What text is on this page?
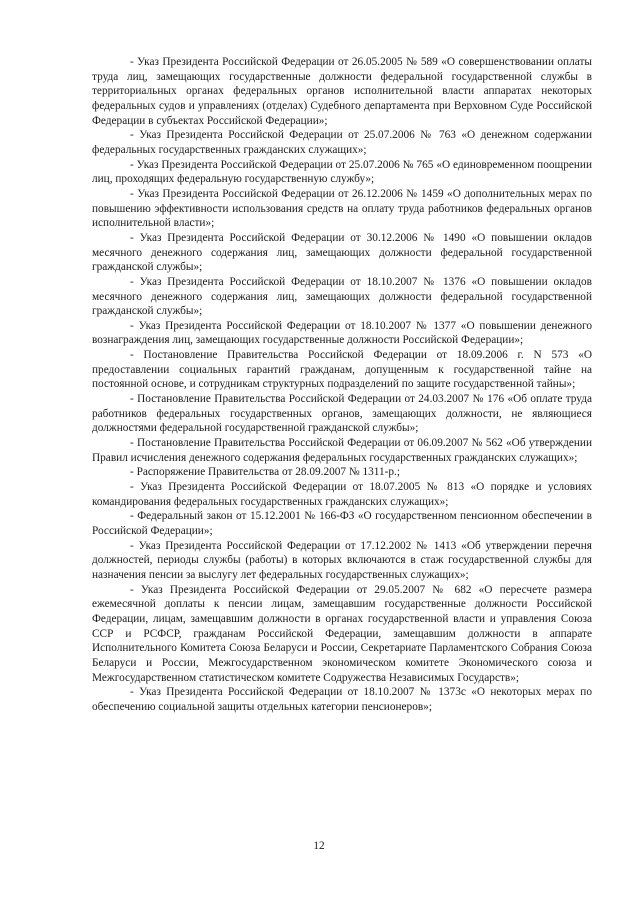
- Указ Президента Российской Федерации от 26.05.2005 № 589 «О совершенствовании оплаты труда лиц, замещающих государственные должности федеральной государственной службы в территориальных органах федеральных органов исполнительной власти аппаратах некоторых федеральных судов и управлениях (отделах) Судебного департамента при Верховном Суде Российской Федерации в субъектах Российской Федерации»;

- Указ Президента Российской Федерации от 25.07.2006 № 763 «О денежном содержании федеральных государственных гражданских служащих»;

- Указ Президента Российской Федерации от 25.07.2006 № 765 «О единовременном поощрении лиц, проходящих федеральную государственную службу»;

- Указ Президента Российской Федерации от 26.12.2006 № 1459 «О дополнительных мерах по повышению эффективности использования средств на оплату труда работников федеральных органов исполнительной власти»;

- Указ Президента Российской Федерации от 30.12.2006 № 1490 «О повышении окладов месячного денежного содержания лиц, замещающих должности федеральной государственной гражданской службы»;

- Указ Президента Российской Федерации от 18.10.2007 № 1376 «О повышении окладов месячного денежного содержания лиц, замещающих должности федеральной государственной гражданской службы»;

- Указ Президента Российской Федерации от 18.10.2007 № 1377 «О повышении денежного вознаграждения лиц, замещающих государственные должности Российской Федерации»;

- Постановление Правительства Российской Федерации от 18.09.2006 г. N 573 «О предоставлении социальных гарантий гражданам, допущенным к государственной тайне на постоянной основе, и сотрудникам структурных подразделений по защите государственной тайны»;

- Постановление Правительства Российской Федерации от 24.03.2007 № 176 «Об оплате труда работников федеральных государственных органов, замещающих должности, не являющиеся должностями федеральной государственной гражданской службы»;

- Постановление Правительства Российской Федерации от 06.09.2007 № 562 «Об утверждении Правил исчисления денежного содержания федеральных государственных гражданских служащих»;

- Распоряжение Правительства от 28.09.2007 № 1311-р.;

- Указ Президента Российской Федерации от 18.07.2005 № 813 «О порядке и условиях командирования федеральных государственных гражданских служащих»;

- Федеральный закон от 15.12.2001 № 166-ФЗ «О государственном пенсионном обеспечении в Российской Федерации»;

- Указ Президента Российской Федерации от 17.12.2002 № 1413 «Об утверждении перечня должностей, периоды службы (работы) в которых включаются в стаж государственной службы для назначения пенсии за выслугу лет федеральных государственных служащих»;

- Указ Президента Российской Федерации от 29.05.2007 № 682 «О пересчете размера ежемесячной доплаты к пенсии лицам, замещавшим государственные должности Российской Федерации, лицам, замещавшим должности в органах государственной власти и управления Союза ССР и РСФСР, гражданам Российской Федерации, замещавшим должности в аппарате Исполнительного Комитета Союза Беларуси и России, Секретариате Парламентского Собрания Союза Беларуси и России, Межгосударственном экономическом комитете Экономического союза и Межгосударственном статистическом комитете Содружества Независимых Государств»;

- Указ Президента Российской Федерации от 18.10.2007 № 1373с «О некоторых мерах по обеспечению социальной защиты отдельных категории пенсионеров»;

12
